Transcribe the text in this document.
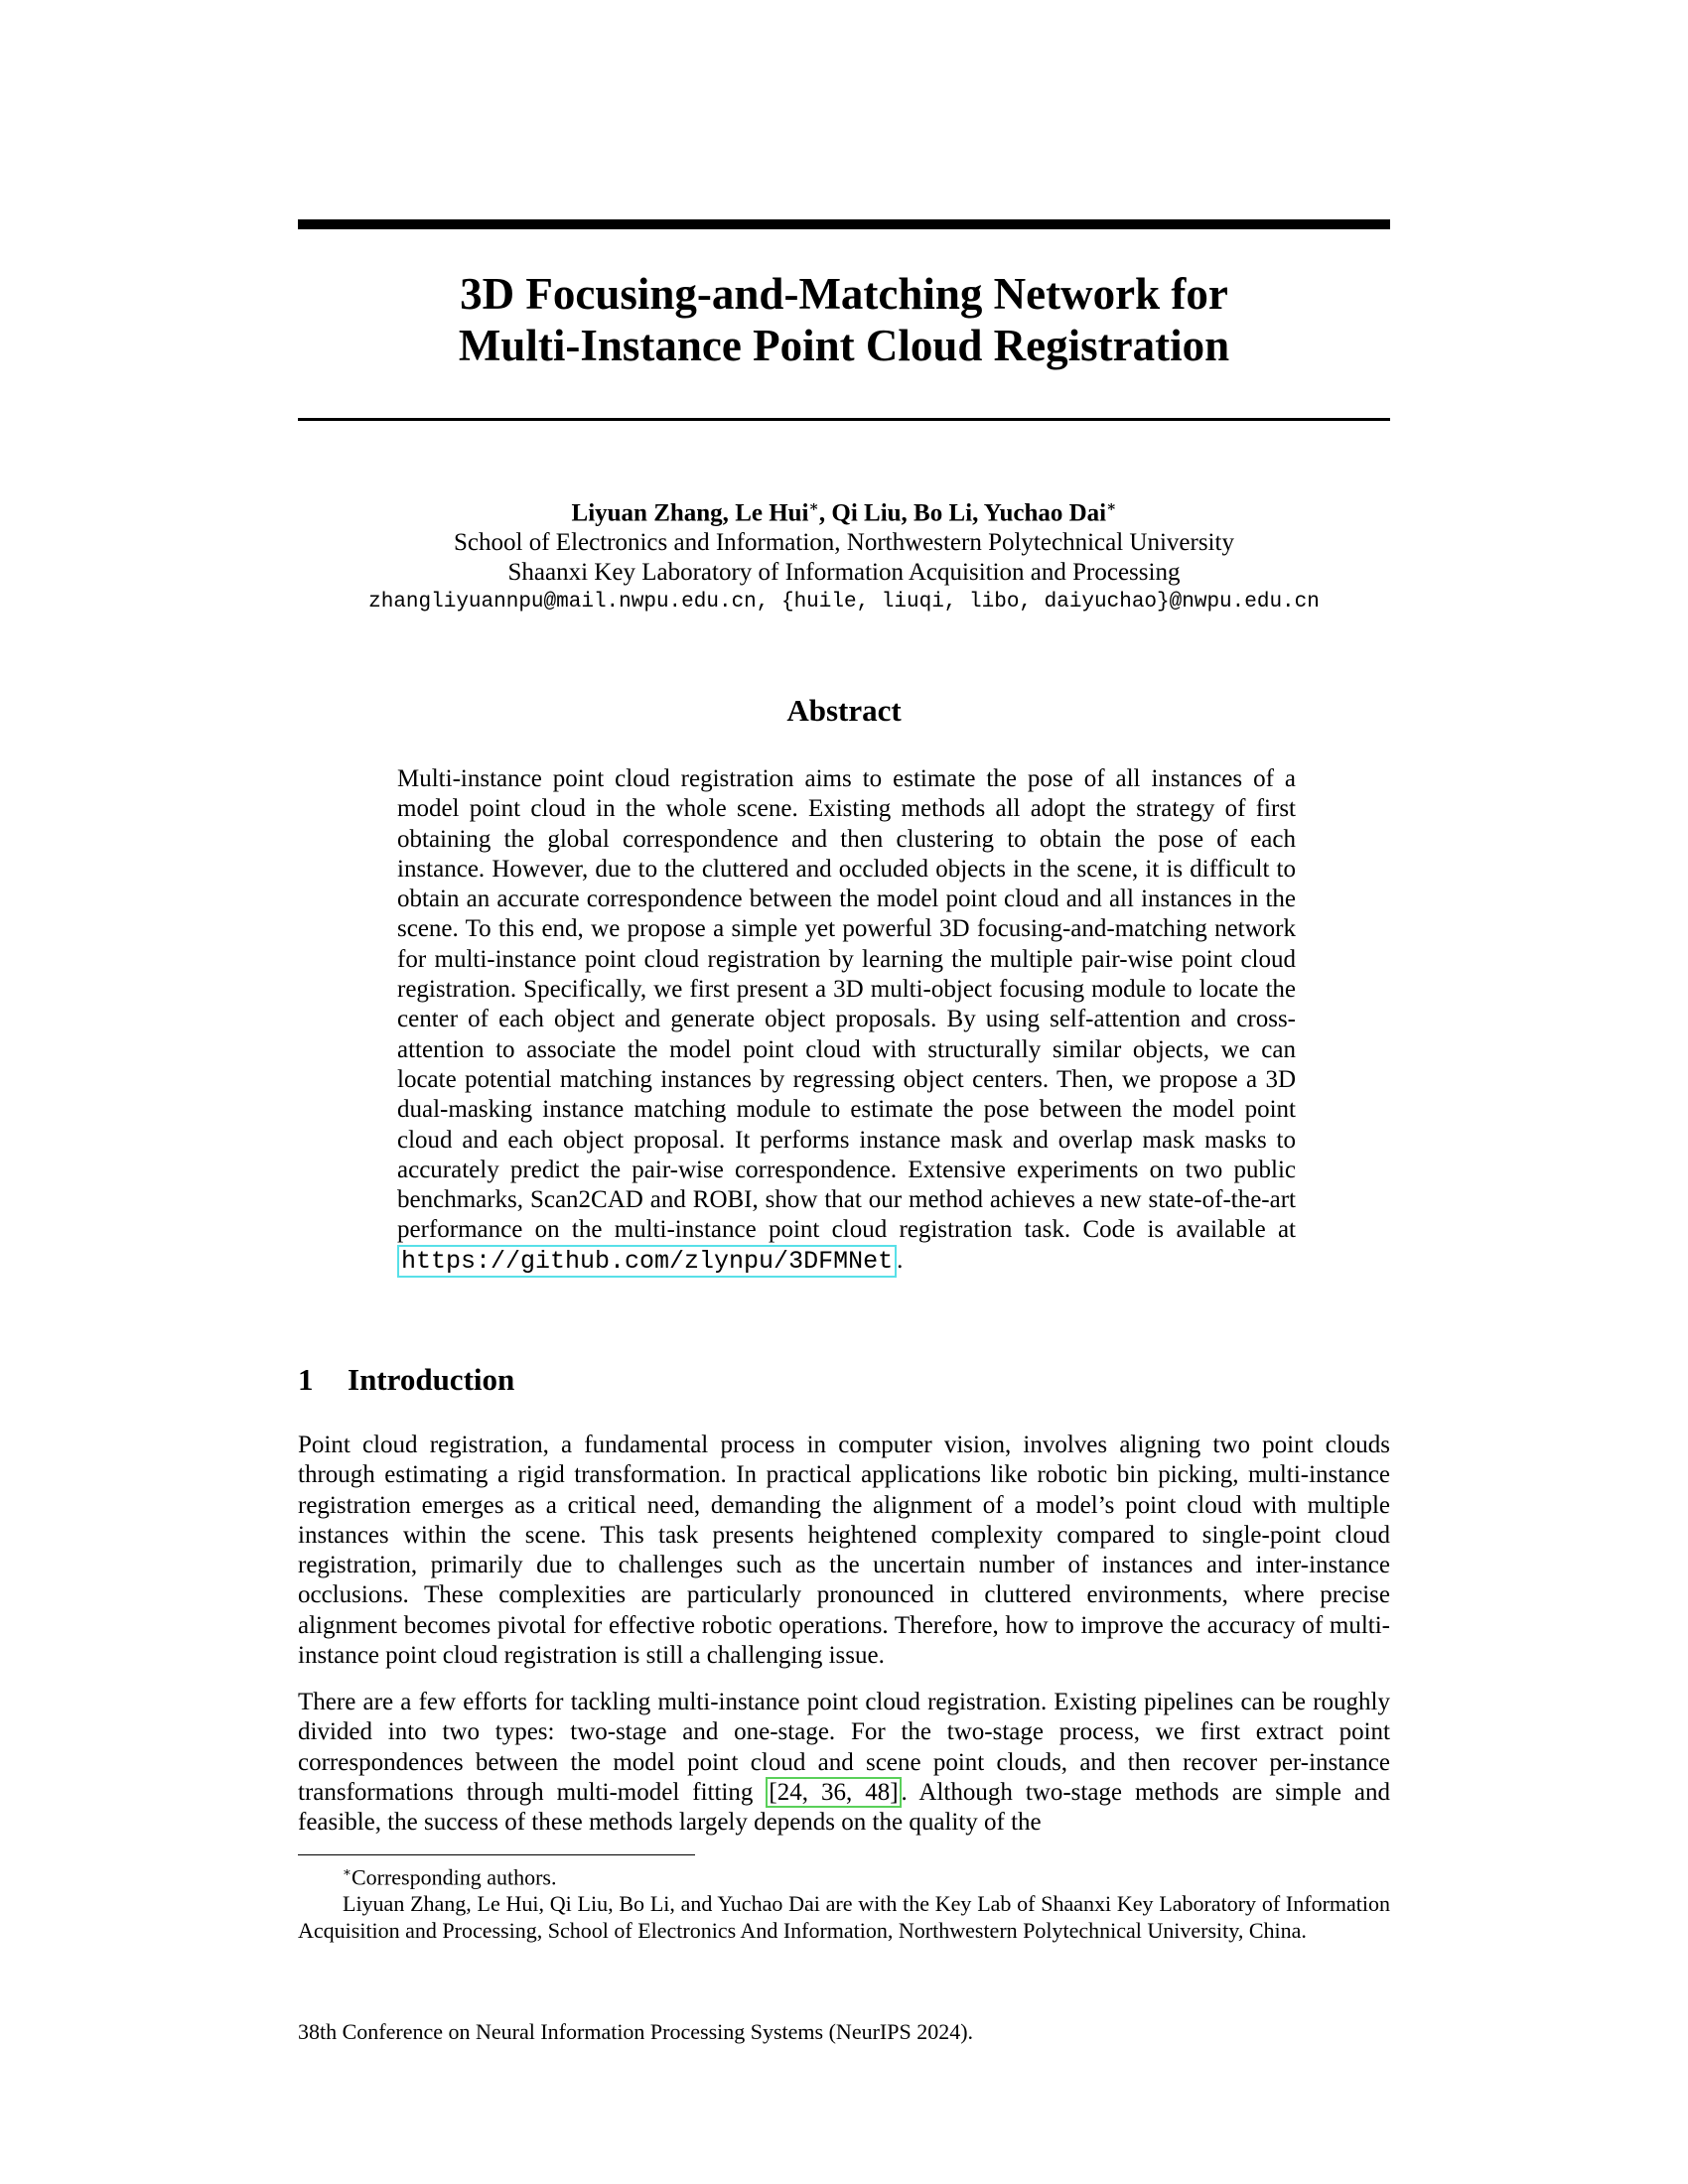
3D Focusing-and-Matching Network for
Multi-Instance Point Cloud Registration
Liyuan Zhang, Le Hui∗, Qi Liu, Bo Li, Yuchao Dai∗
School of Electronics and Information, Northwestern Polytechnical University
Shaanxi Key Laboratory of Information Acquisition and Processing
zhangliyuannpu@mail.nwpu.edu.cn, {huile, liuqi, libo, daiyuchao}@nwpu.edu.cn
Abstract
Multi-instance point cloud registration aims to estimate the pose of all instances of a model point cloud in the whole scene. Existing methods all adopt the strategy of first obtaining the global correspondence and then clustering to obtain the pose of each instance. However, due to the cluttered and occluded objects in the scene, it is difficult to obtain an accurate correspondence between the model point cloud and all instances in the scene. To this end, we propose a simple yet powerful 3D focusing-and-matching network for multi-instance point cloud registration by learning the multiple pair-wise point cloud registration. Specifically, we first present a 3D multi-object focusing module to locate the center of each object and generate object proposals. By using self-attention and cross-attention to associate the model point cloud with structurally similar objects, we can locate potential matching instances by regressing object centers. Then, we propose a 3D dual-masking instance matching module to estimate the pose between the model point cloud and each object proposal. It performs instance mask and overlap mask masks to accurately predict the pair-wise correspondence. Extensive experiments on two public benchmarks, Scan2CAD and ROBI, show that our method achieves a new state-of-the-art performance on the multi-instance point cloud registration task. Code is available at https://github.com/zlynpu/3DFMNet .
1 Introduction
Point cloud registration, a fundamental process in computer vision, involves aligning two point clouds through estimating a rigid transformation. In practical applications like robotic bin picking, multi-instance registration emerges as a critical need, demanding the alignment of a model’s point cloud with multiple instances within the scene. This task presents heightened complexity compared to single-point cloud registration, primarily due to challenges such as the uncertain number of instances and inter-instance occlusions. These complexities are particularly pronounced in cluttered environments, where precise alignment becomes pivotal for effective robotic operations. Therefore, how to improve the accuracy of multi-instance point cloud registration is still a challenging issue.
There are a few efforts for tackling multi-instance point cloud registration. Existing pipelines can be roughly divided into two types: two-stage and one-stage. For the two-stage process, we first extract point correspondences between the model point cloud and scene point clouds, and then recover per-instance transformations through multi-model fitting [24, 36, 48] . Although two-stage methods are simple and feasible, the success of these methods largely depends on the quality of the
∗Corresponding authors.
Liyuan Zhang, Le Hui, Qi Liu, Bo Li, and Yuchao Dai are with the Key Lab of Shaanxi Key Laboratory of Information Acquisition and Processing, School of Electronics And Information, Northwestern Polytechnical University, China.
38th Conference on Neural Information Processing Systems (NeurIPS 2024).
